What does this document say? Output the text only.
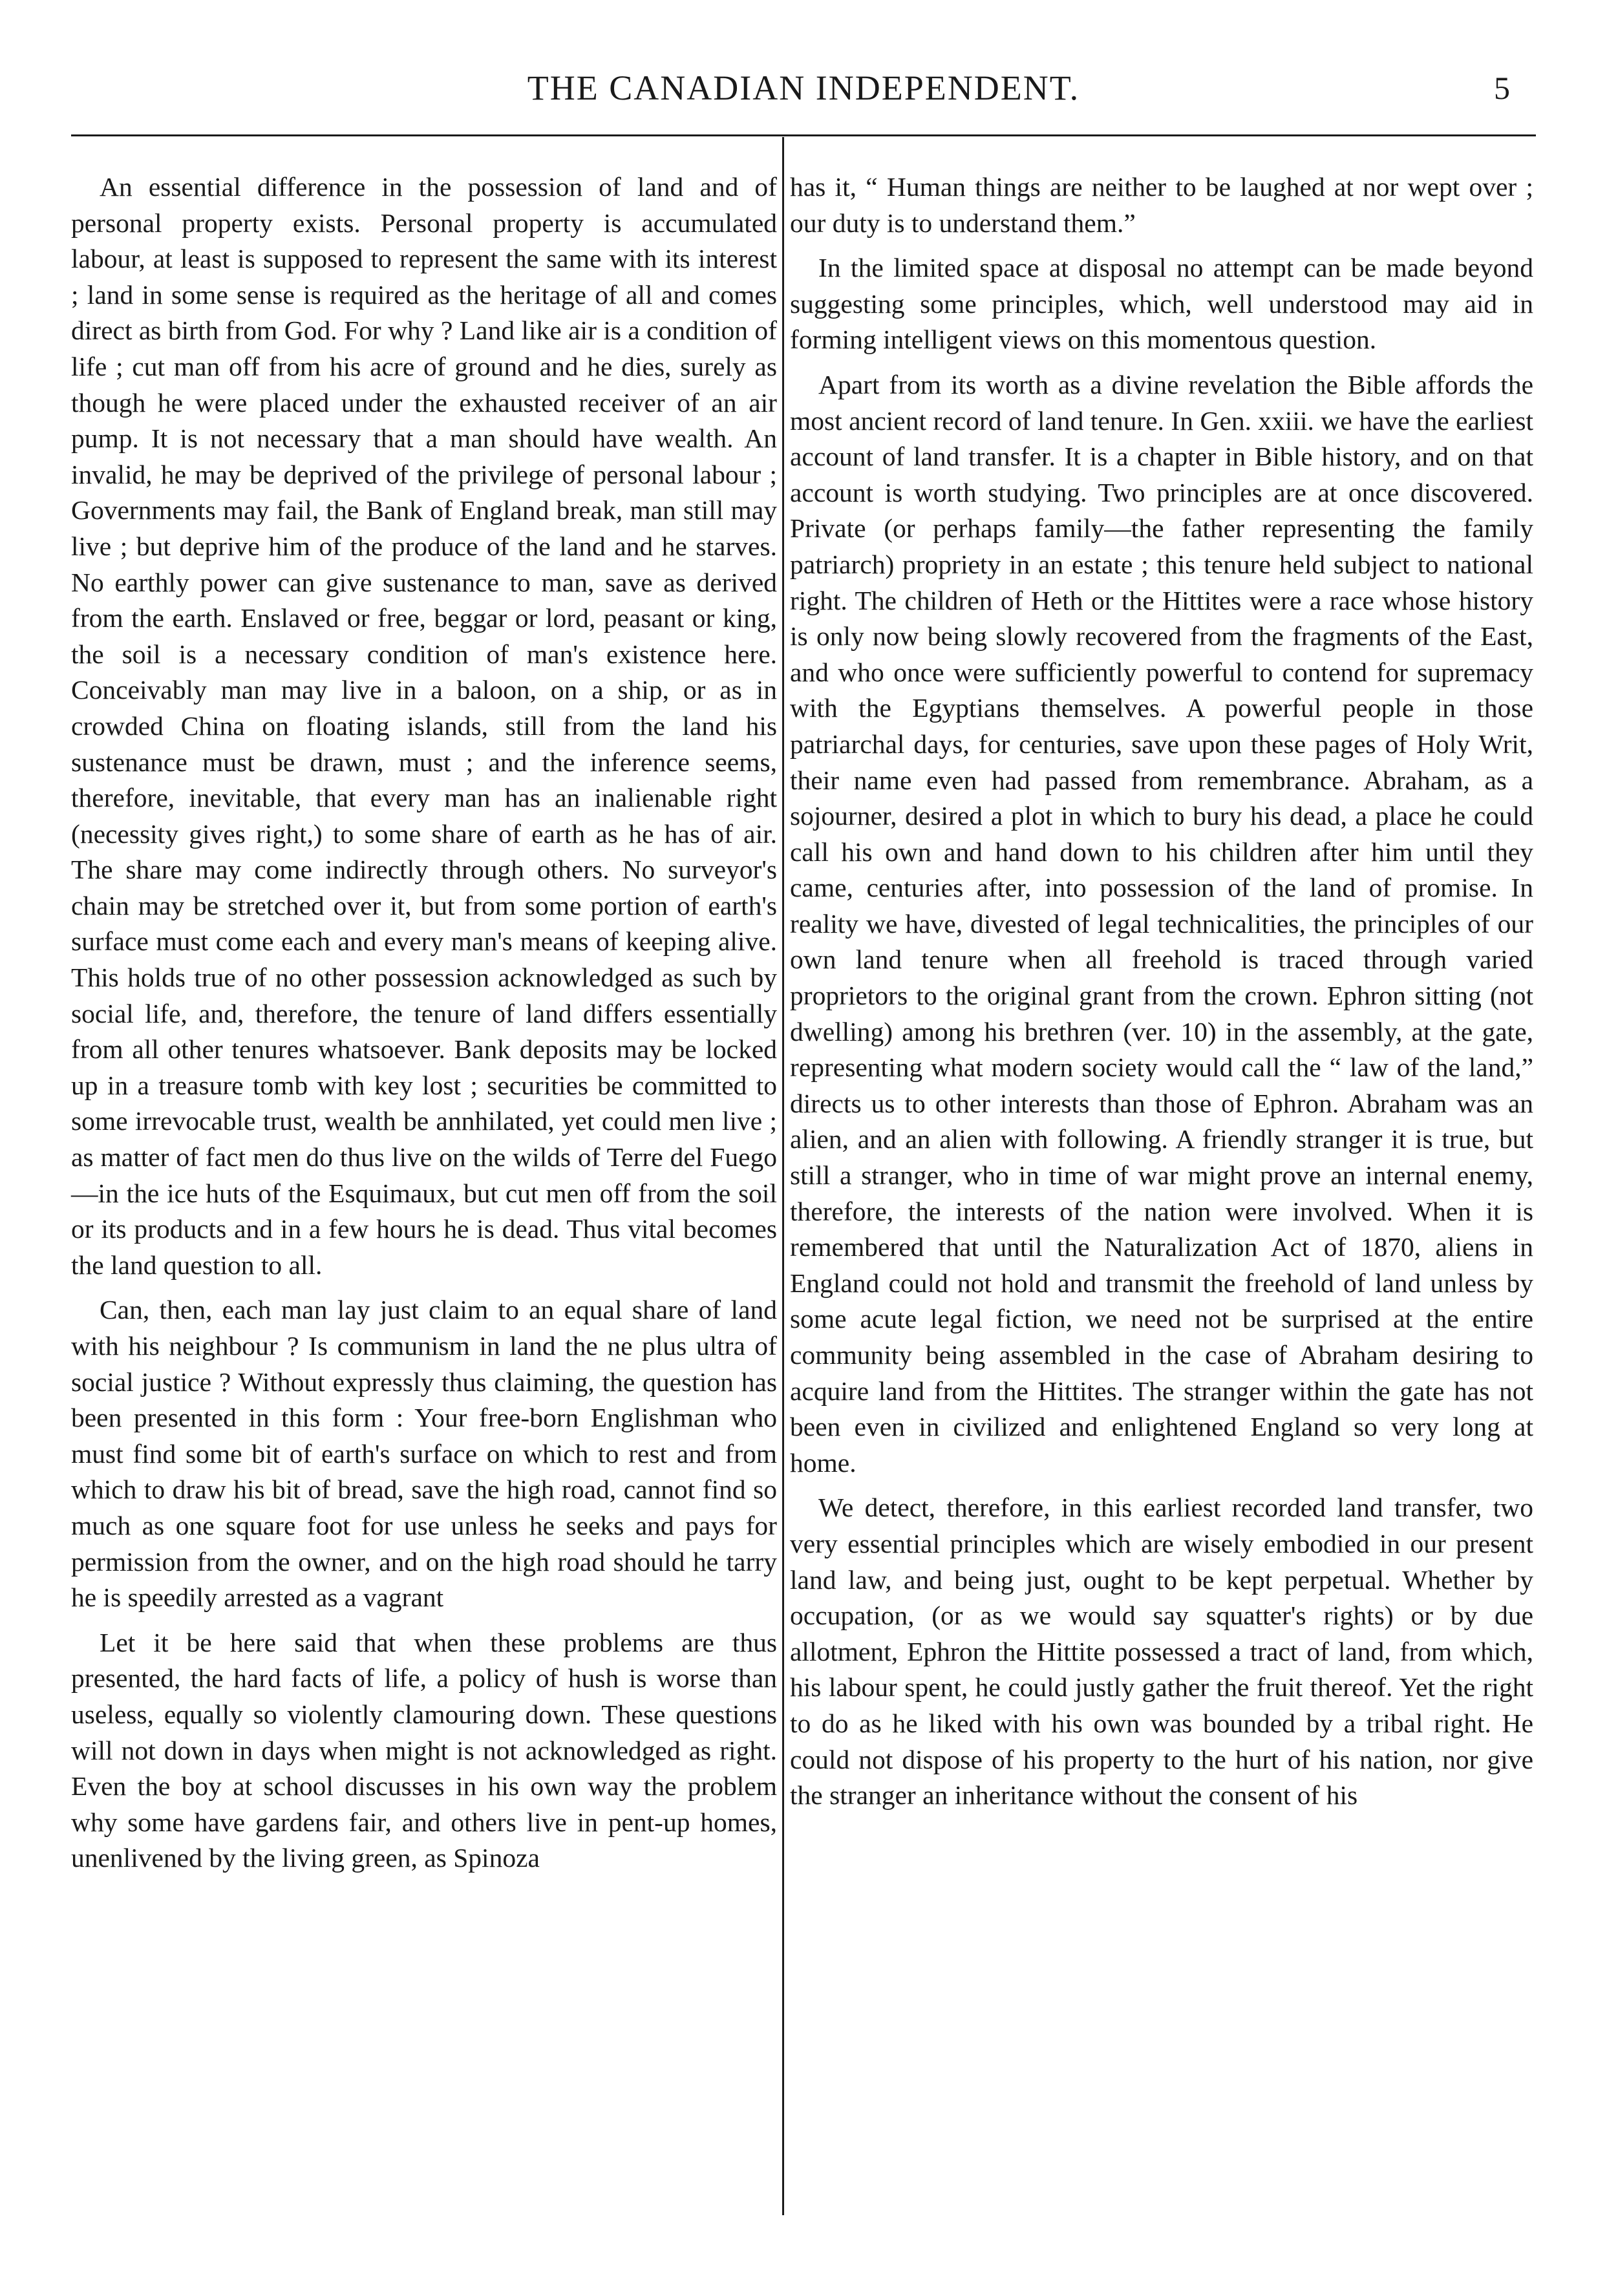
THE CANADIAN INDEPENDENT.	5

An essential difference in the possession of land and of personal property exists. Personal property is accumulated labour, at least is supposed to represent the same with its interest ; land in some sense is required as the heritage of all and comes direct as birth from God. For why ? Land like air is a condition of life ; cut man off from his acre of ground and he dies, surely as though he were placed under the exhausted receiver of an air pump. It is not necessary that a man should have wealth. An invalid, he may be deprived of the privilege of personal labour ; Governments may fail, the Bank of England break, man still may live ; but deprive him of the produce of the land and he starves. No earthly power can give sustenance to man, save as derived from the earth. Enslaved or free, beggar or lord, peasant or king, the soil is a necessary condition of man's existence here. Conceivably man may live in a baloon, on a ship, or as in crowded China on floating islands, still from the land his sustenance must be drawn, must ; and the inference seems, therefore, inevitable, that every man has an inalienable right (necessity gives right,) to some share of earth as he has of air. The share may come indirectly through others. No surveyor's chain may be stretched over it, but from some portion of earth's surface must come each and every man's means of keeping alive. This holds true of no other possession acknowledged as such by social life, and, therefore, the tenure of land differs essentially from all other tenures whatsoever. Bank deposits may be locked up in a treasure tomb with key lost ; securities be committed to some irrevocable trust, wealth be annhilated, yet could men live ; as matter of fact men do thus live on the wilds of Terre del Fuego —in the ice huts of the Esquimaux, but cut men off from the soil or its products and in a few hours he is dead. Thus vital becomes the land question to all.

Can, then, each man lay just claim to an equal share of land with his neighbour ? Is communism in land the ne plus ultra of social justice ? Without expressly thus claiming, the question has been presented in this form : Your free-born Englishman who must find some bit of earth's surface on which to rest and from which to draw his bit of bread, save the high road, cannot find so much as one square foot for use unless he seeks and pays for permission from the owner, and on the high road should he tarry he is speedily arrested as a vagrant

Let it be here said that when these problems are thus presented, the hard facts of life, a policy of hush is worse than useless, equally so violently clamouring down. These questions will not down in days when might is not acknowledged as right. Even the boy at school discusses in his own way the problem why some have gardens fair, and others live in pent-up homes, unenlivened by the living green, as Spinoza

has it, “ Human things are neither to be laughed at nor wept over ; our duty is to understand them.”

In the limited space at disposal no attempt can be made beyond suggesting some principles, which, well understood may aid in forming intelligent views on this momentous question.

Apart from its worth as a divine revelation the Bible affords the most ancient record of land tenure. In Gen. xxiii. we have the earliest account of land transfer. It is a chapter in Bible history, and on that account is worth studying. Two principles are at once discovered. Private (or perhaps family—the father representing the family patriarch) propriety in an estate ; this tenure held subject to national right. The children of Heth or the Hittites were a race whose history is only now being slowly recovered from the fragments of the East, and who once were sufficiently powerful to contend for supremacy with the Egyptians themselves. A powerful people in those patriarchal days, for centuries, save upon these pages of Holy Writ, their name even had passed from remembrance. Abraham, as a sojourner, desired a plot in which to bury his dead, a place he could call his own and hand down to his children after him until they came, centuries after, into possession of the land of promise. In reality we have, divested of legal technicalities, the principles of our own land tenure when all freehold is traced through varied proprietors to the original grant from the crown. Ephron sitting (not dwelling) among his brethren (ver. 10) in the assembly, at the gate, representing what modern society would call the “ law of the land,” directs us to other interests than those of Ephron. Abraham was an alien, and an alien with following. A friendly stranger it is true, but still a stranger, who in time of war might prove an internal enemy, therefore, the interests of the nation were involved. When it is remembered that until the Naturalization Act of 1870, aliens in England could not hold and transmit the freehold of land unless by some acute legal fiction, we need not be surprised at the entire community being assembled in the case of Abraham desiring to acquire land from the Hittites. The stranger within the gate has not been even in civilized and enlightened England so very long at home.

We detect, therefore, in this earliest recorded land transfer, two very essential principles which are wisely embodied in our present land law, and being just, ought to be kept perpetual. Whether by occupation, (or as we would say squatter's rights) or by due allotment, Ephron the Hittite possessed a tract of land, from which, his labour spent, he could justly gather the fruit thereof. Yet the right to do as he liked with his own was bounded by a tribal right. He could not dispose of his property to the hurt of his nation, nor give the stranger an inheritance without the consent of his
